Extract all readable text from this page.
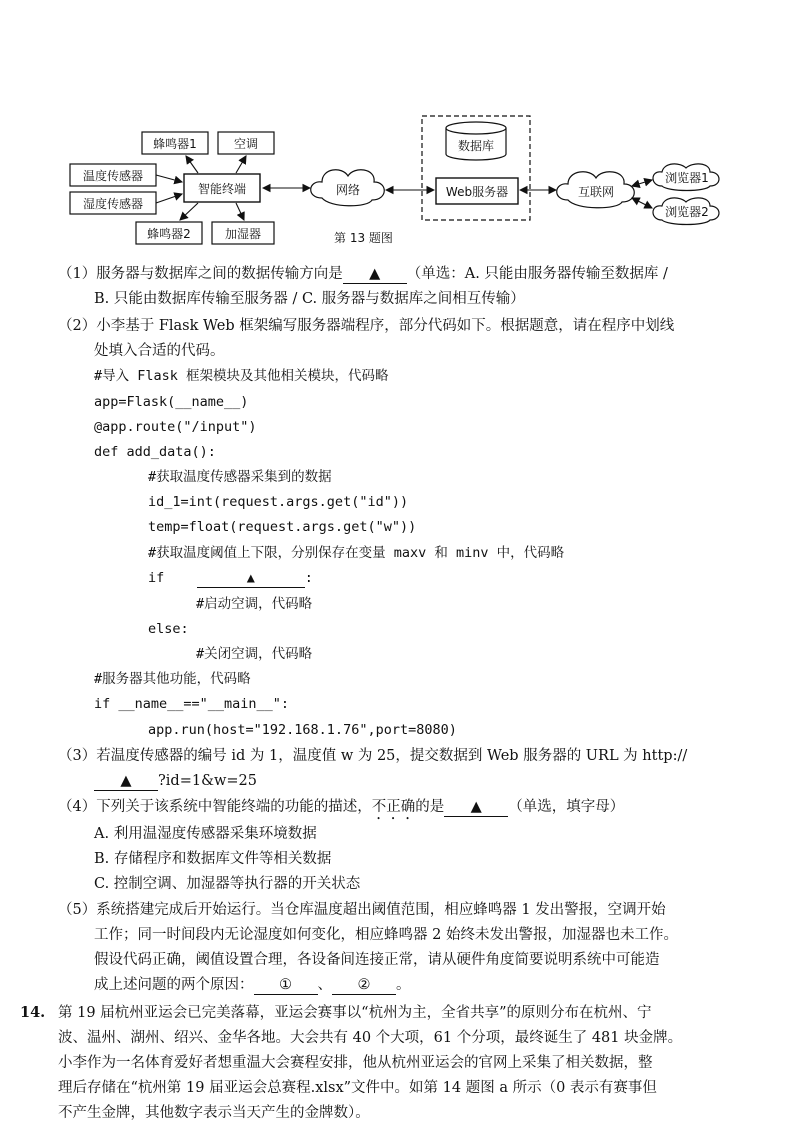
蜂鸣器1	空调
温度传感器
湿度传感器
智能终端
蜂鸣器2	加湿器
网络
数据库
Web服务器	互联网
浏览器1
浏览器2
第 13 题图
（1）服务器与数据库之间的数据传输方向是 ▲ （单选：A. 只能由服务器传输至数据库 /
B. 只能由数据库传输至服务器 / C. 服务器与数据库之间相互传输）
（2）小李基于 Flask Web 框架编写服务器端程序，部分代码如下。根据题意，请在程序中划线
处填入合适的代码。
#导入 Flask 框架模块及其他相关模块，代码略
app=Flask(__name__)
@app.route("/input")
def add_data():
#获取温度传感器采集到的数据
id_1=int(request.args.get("id"))
temp=float(request.args.get("w"))
#获取温度阈值上下限，分别保存在变量 maxv 和 minv 中，代码略
if	▲	:
#启动空调，代码略
else:
#关闭空调，代码略
#服务器其他功能，代码略
if __name__=="__main__":
app.run(host="192.168.1.76",port=8080)
（3）若温度传感器的编号 id 为 1，温度值 w 为 25，提交数据到 Web 服务器的 URL 为 http://
▲ ?id=1&w=25
（4）下列关于该系统中智能终端的功能的描述，不正确的是 ▲ （单选，填字母）
A. 利用温湿度传感器采集环境数据
B. 存储程序和数据库文件等相关数据
C. 控制空调、加湿器等执行器的开关状态
（5）系统搭建完成后开始运行。当仓库温度超出阈值范围，相应蜂鸣器 1 发出警报，空调开始
工作；同一时间段内无论湿度如何变化，相应蜂鸣器 2 始终未发出警报，加湿器也未工作。
假设代码正确，阈值设置合理，各设备间连接正常，请从硬件角度简要说明系统中可能造
成上述问题的两个原因： ① 、 ② 。
14. 第 19 届杭州亚运会已完美落幕，亚运会赛事以“杭州为主，全省共享”的原则分布在杭州、宁
波、温州、湖州、绍兴、金华各地。大会共有 40 个大项，61 个分项，最终诞生了 481 块金牌。
小李作为一名体育爱好者想重温大会赛程安排，他从杭州亚运会的官网上采集了相关数据，整
理后存储在“杭州第 19 届亚运会总赛程.xlsx”文件中。如第 14 题图 a 所示（0 表示有赛事但
不产生金牌，其他数字表示当天产生的金牌数）。
